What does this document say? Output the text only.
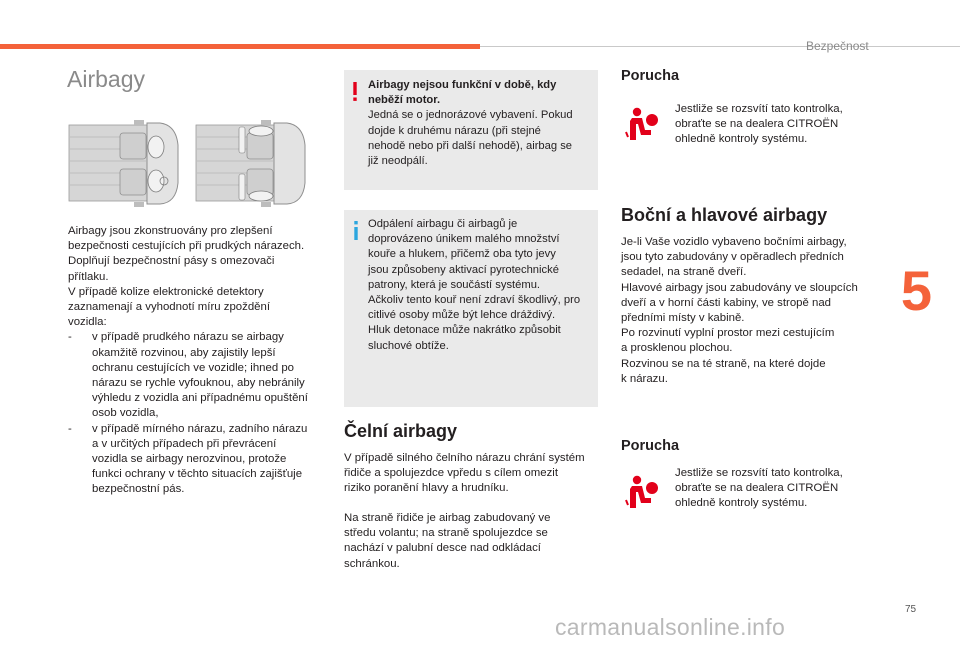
Bezpečnost
Airbagy

Airbagy jsou zkonstruovány pro zlepšení
bezpečnosti cestujících při prudkých nárazech.
Doplňují bezpečnostní pásy s omezovači
přítlaku.
V případě kolize elektronické detektory
zaznamenají a vyhodnotí míru zpoždění
vozidla:

-	v případě prudkého nárazu se airbagy
okamžitě rozvinou, aby zajistily lepší
ochranu cestujících ve vozidle; ihned po
nárazu se rychle vyfouknou, aby nebránily
výhledu z vozidla ani případnému opuštění
osob vozidla,
-	v případě mírného nárazu, zadního nárazu
a v určitých případech při převrácení
vozidla se airbagy nerozvinou, protože
funkci ochrany v těchto situacích zajišťuje
bezpečnostní pás.
Airbagy nejsou funkční v době, kdy
neběží motor.
Jedná se o jednorázové vybavení. Pokud
dojde k druhému nárazu (při stejné
nehodě nebo při další nehodě), airbag se
již neodpálí.
Odpálení airbagu či airbagů je
doprovázeno únikem malého množství
kouře a hlukem, přičemž oba tyto jevy
jsou způsobeny aktivací pyrotechnické
patrony, která je součástí systému.
Ačkoliv tento kouř není zdraví škodlivý, pro
citlivé osoby může být lehce dráždivý.
Hluk detonace může nakrátko způsobit
sluchové obtíže.
Čelní airbagy
V případě silného čelního nárazu chrání systém
řidiče a spolujezdce vpředu s cílem omezit
riziko poranění hlavy a hrudníku.
Na straně řidiče je airbag zabudovaný ve
středu volantu; na straně spolujezdce se
nachází v palubní desce nad odkládací
schránkou.
Porucha
Jestliže se rozsvítí tato kontrolka,
obraťte se na dealera CITROËN
ohledně kontroly systému.
Boční a hlavové airbagy
Je-li Vaše vozidlo vybaveno bočními airbagy,
jsou tyto zabudovány v opěradlech předních
sedadel, na straně dveří.
Hlavové airbagy jsou zabudovány ve sloupcích
dveří a v horní části kabiny, ve stropě nad
předními místy v kabině.
Po rozvinutí vyplní prostor mezi cestujícím
a prosklenou plochou.
Rozvinou se na té straně, na které dojde
k nárazu.
Porucha
Jestliže se rozsvítí tato kontrolka,
obraťte se na dealera CITROËN
ohledně kontroly systému.
5
75
carmanualsonline.info
